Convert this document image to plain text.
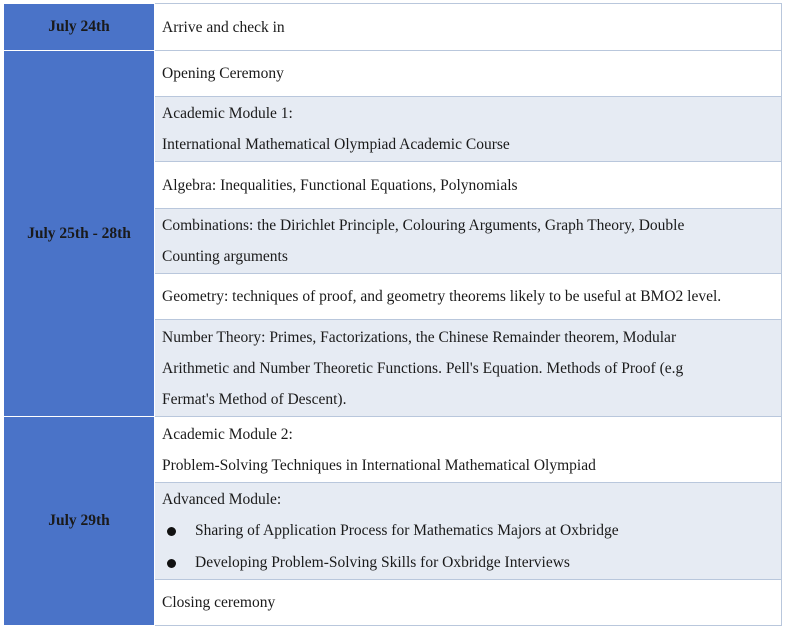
July 24th	Arrive and check in

July 25th - 28th	Opening Ceremony

	Academic Module 1:
International Mathematical Olympiad Academic Course

	Algebra: Inequalities, Functional Equations, Polynomials

	Combinations: the Dirichlet Principle, Colouring Arguments, Graph Theory, Double
Counting arguments

	Geometry: techniques of proof, and geometry theorems likely to be useful at BMO2 level.

	Number Theory: Primes, Factorizations, the Chinese Remainder theorem, Modular
Arithmetic and Number Theoretic Functions. Pell's Equation. Methods of Proof (e.g
Fermat's Method of Descent).

July 29th	Academic Module 2:
Problem-Solving Techniques in International Mathematical Olympiad

	Advanced Module:
Sharing of Application Process for Mathematics Majors at Oxbridge
Developing Problem-Solving Skills for Oxbridge Interviews

	Closing ceremony
